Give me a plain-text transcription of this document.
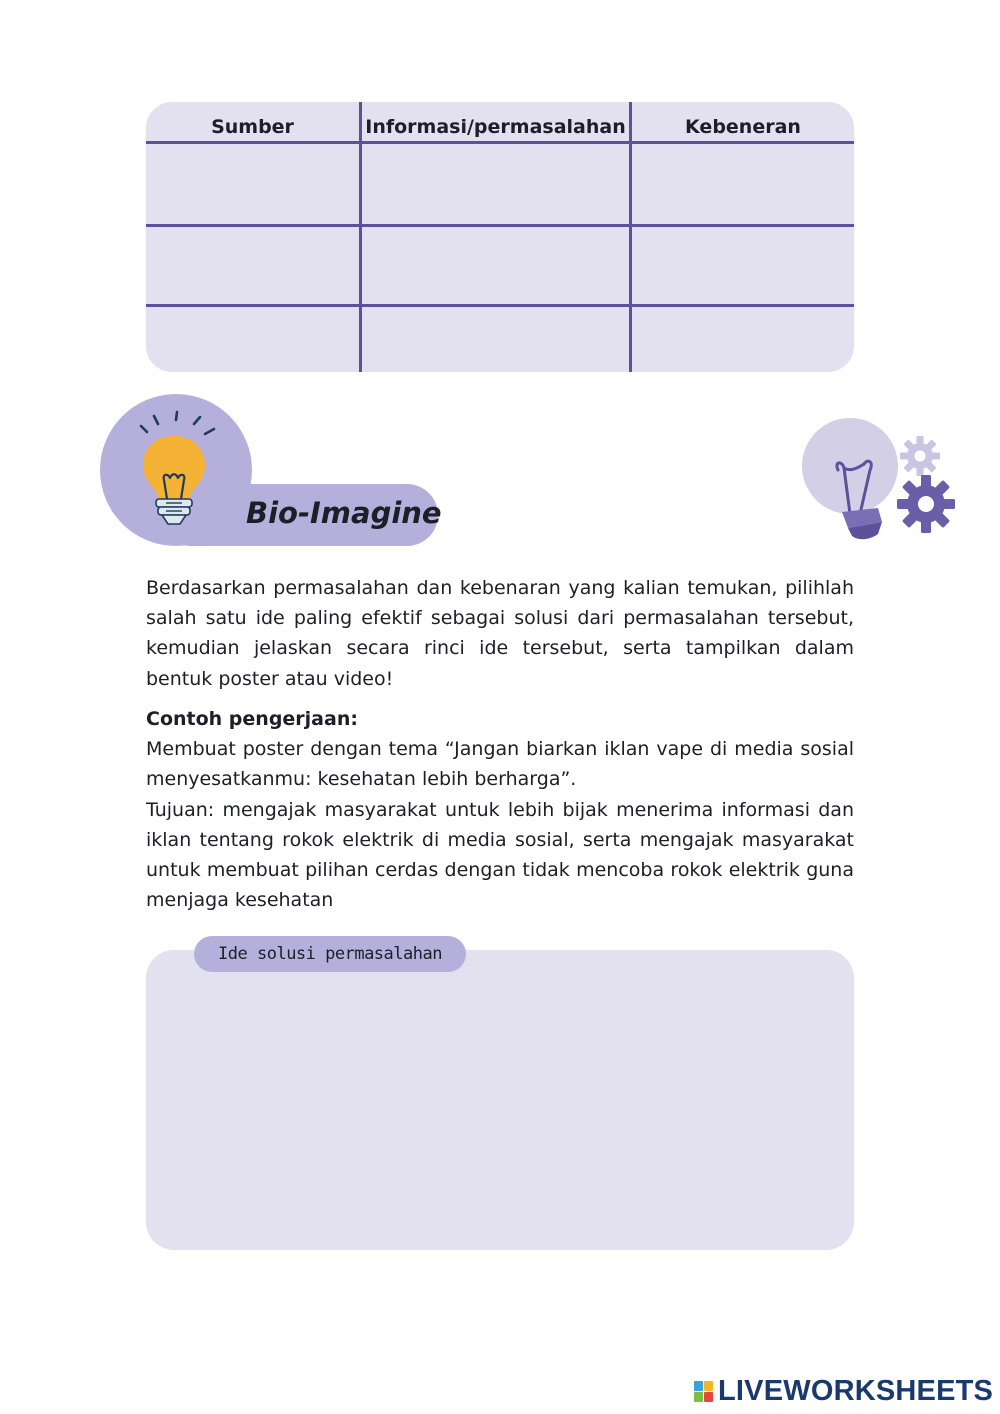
Sumber	Informasi/permasalahan	Kebeneran
Bio-Imagine
Berdasarkan permasalahan dan kebenaran yang kalian temukan, pilihlah salah satu ide paling efektif sebagai solusi dari permasalahan tersebut, kemudian jelaskan secara rinci ide tersebut, serta tampilkan dalam bentuk poster atau video!
Contoh pengerjaan:
Membuat poster dengan tema “Jangan biarkan iklan vape di media sosial menyesatkanmu: kesehatan lebih berharga”.
Tujuan: mengajak masyarakat untuk lebih bijak menerima informasi dan iklan tentang rokok elektrik di media sosial, serta mengajak masyarakat untuk membuat pilihan cerdas dengan tidak mencoba rokok elektrik guna menjaga kesehatan
Ide solusi permasalahan
LIVEWORKSHEETS
